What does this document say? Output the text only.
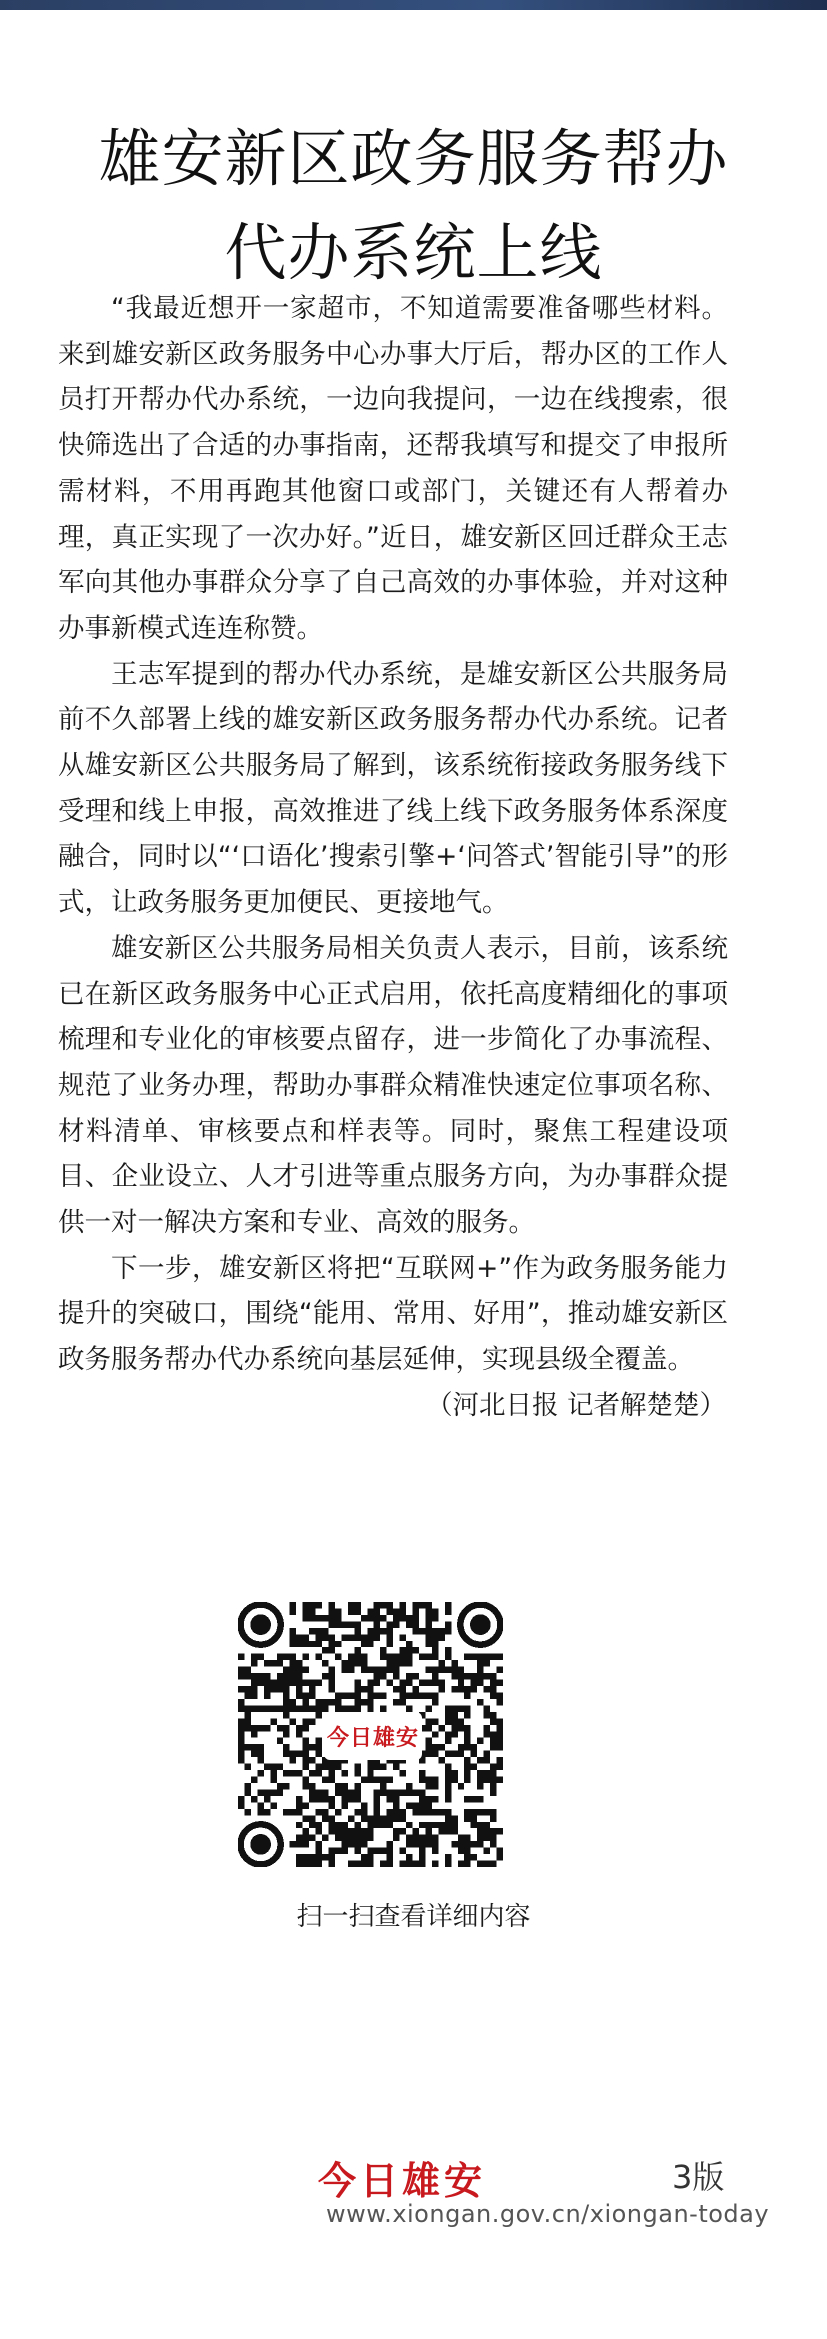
雄安新区政务服务帮办
代办系统上线

“我最近想开一家超市，不知道需要准备哪些材料。来到雄安新区政务服务中心办事大厅后，帮办区的工作人员打开帮办代办系统，一边向我提问，一边在线搜索，很快筛选出了合适的办事指南，还帮我填写和提交了申报所需材料，不用再跑其他窗口或部门，关键还有人帮着办理，真正实现了一次办好。”近日，雄安新区回迁群众王志军向其他办事群众分享了自己高效的办事体验，并对这种办事新模式连连称赞。

王志军提到的帮办代办系统，是雄安新区公共服务局前不久部署上线的雄安新区政务服务帮办代办系统。记者从雄安新区公共服务局了解到，该系统衔接政务服务线下受理和线上申报，高效推进了线上线下政务服务体系深度融合，同时以“‘口语化’搜索引擎+‘问答式’智能引导”的形式，让政务服务更加便民、更接地气。

雄安新区公共服务局相关负责人表示，目前，该系统已在新区政务服务中心正式启用，依托高度精细化的事项梳理和专业化的审核要点留存，进一步简化了办事流程、规范了业务办理，帮助办事群众精准快速定位事项名称、材料清单、审核要点和样表等。同时，聚焦工程建设项目、企业设立、人才引进等重点服务方向，为办事群众提供一对一解决方案和专业、高效的服务。

下一步，雄安新区将把“互联网+”作为政务服务能力提升的突破口，围绕“能用、常用、好用”，推动雄安新区政务服务帮办代办系统向基层延伸，实现县级全覆盖。

（河北日报 记者解楚楚）
今日雄安
扫一扫查看详细内容
今日雄安	3版
www.xiongan.gov.cn/xiongan-today
